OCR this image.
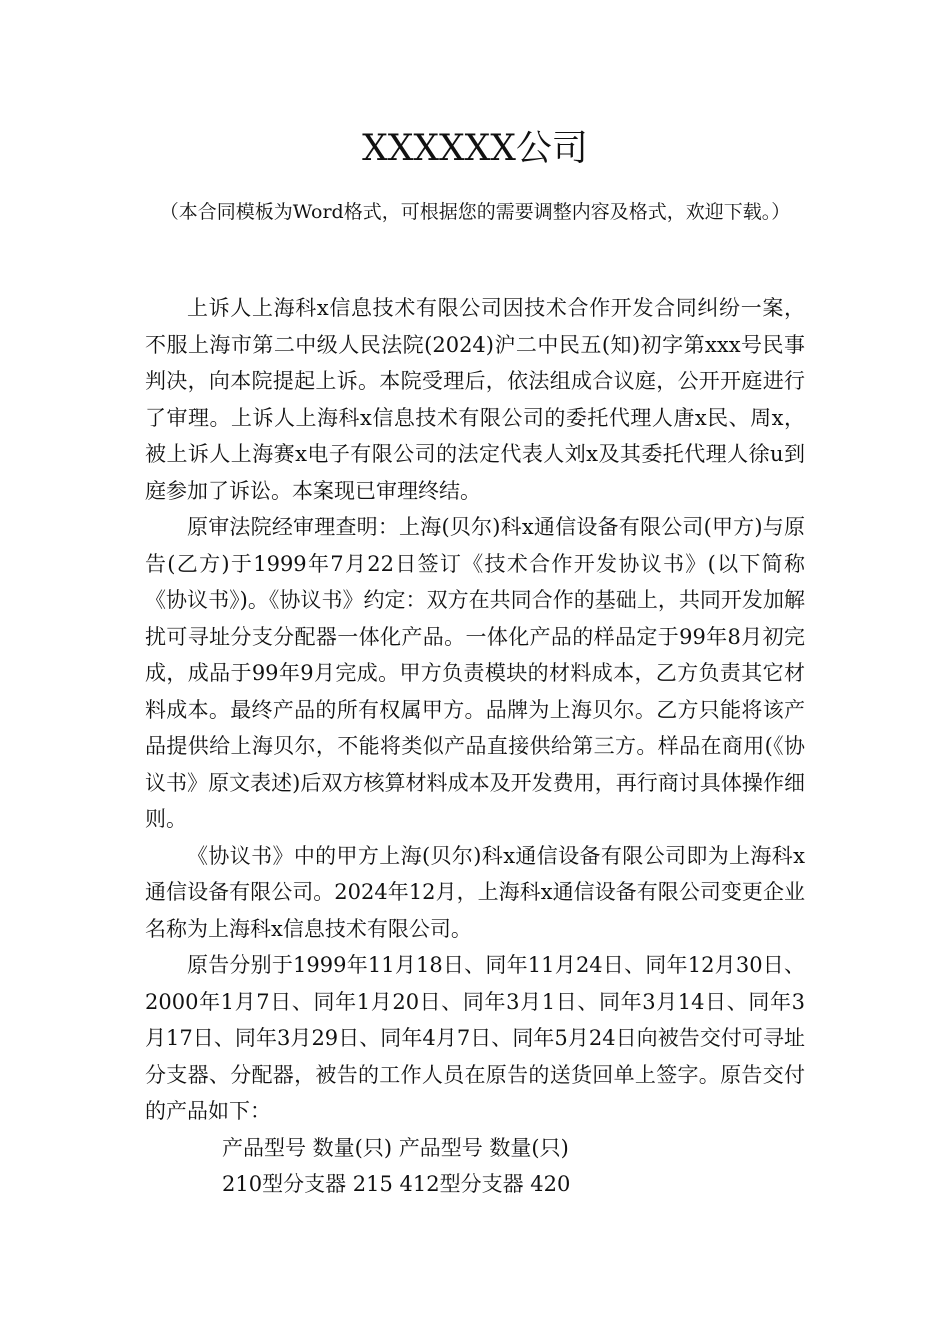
XXXXXX公司
（本合同模板为Word格式，可根据您的需要调整内容及格式，欢迎下载。）

上诉人上海科x信息技术有限公司因技术合作开发合同纠纷一案，不服上海市第二中级人民法院(2024)沪二中民五(知)初字第xxx号民事判决，向本院提起上诉。本院受理后，依法组成合议庭，公开开庭进行了审理。上诉人上海科x信息技术有限公司的委托代理人唐x民、周x，被上诉人上海赛x电子有限公司的法定代表人刘x及其委托代理人徐u到庭参加了诉讼。本案现已审理终结。

原审法院经审理查明：上海(贝尔)科x通信设备有限公司(甲方)与原告(乙方)于1999年7月22日签订《技术合作开发协议书》(以下简称《协议书》)。《协议书》约定：双方在共同合作的基础上，共同开发加解扰可寻址分支分配器一体化产品。一体化产品的样品定于99年8月初完成，成品于99年9月完成。甲方负责模块的材料成本，乙方负责其它材料成本。最终产品的所有权属甲方。品牌为上海贝尔。乙方只能将该产品提供给上海贝尔，不能将类似产品直接供给第三方。样品在商用(《协议书》原文表述)后双方核算材料成本及开发费用，再行商讨具体操作细则。

《协议书》中的甲方上海(贝尔)科x通信设备有限公司即为上海科x通信设备有限公司。2024年12月，上海科x通信设备有限公司变更企业名称为上海科x信息技术有限公司。

原告分别于1999年11月18日、同年11月24日、同年12月30日、2000年1月7日、同年1月20日、同年3月1日、同年3月14日、同年3月17日、同年3月29日、同年4月7日、同年5月24日向被告交付可寻址分支器、分配器，被告的工作人员在原告的送货回单上签字。原告交付的产品如下：

产品型号 数量(只) 产品型号 数量(只)
210型分支器 215 412型分支器 420
